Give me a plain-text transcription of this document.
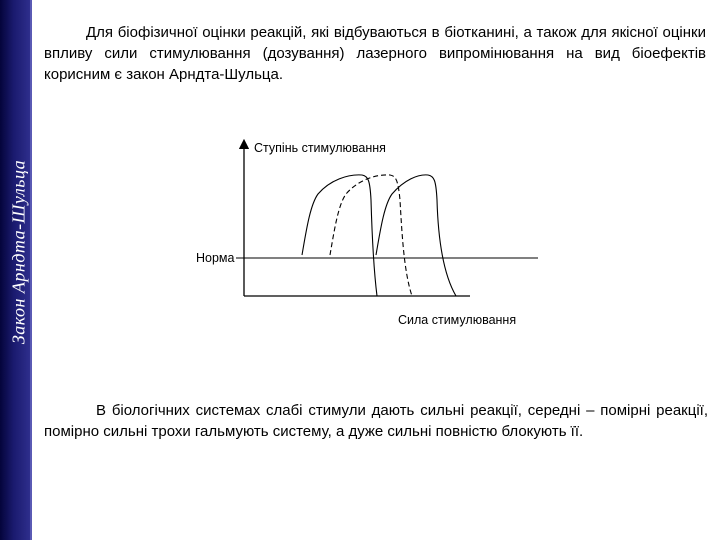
Закон Арндта-Шульца

Для біофізичної оцінки реакцій, які відбуваються в біотканині, а також для якісної оцінки впливу сили стимулювання (дозування) лазерного випромінювання на вид біоефектів корисним є закон Арндта-Шульца.

Ступінь стимулювання
Норма
Сила стимулювання

В біологічних системах слабі стимули дають сильні реакції, середні – помірні реакції, помірно сильні трохи гальмують систему, а дуже сильні повністю блокують її.
